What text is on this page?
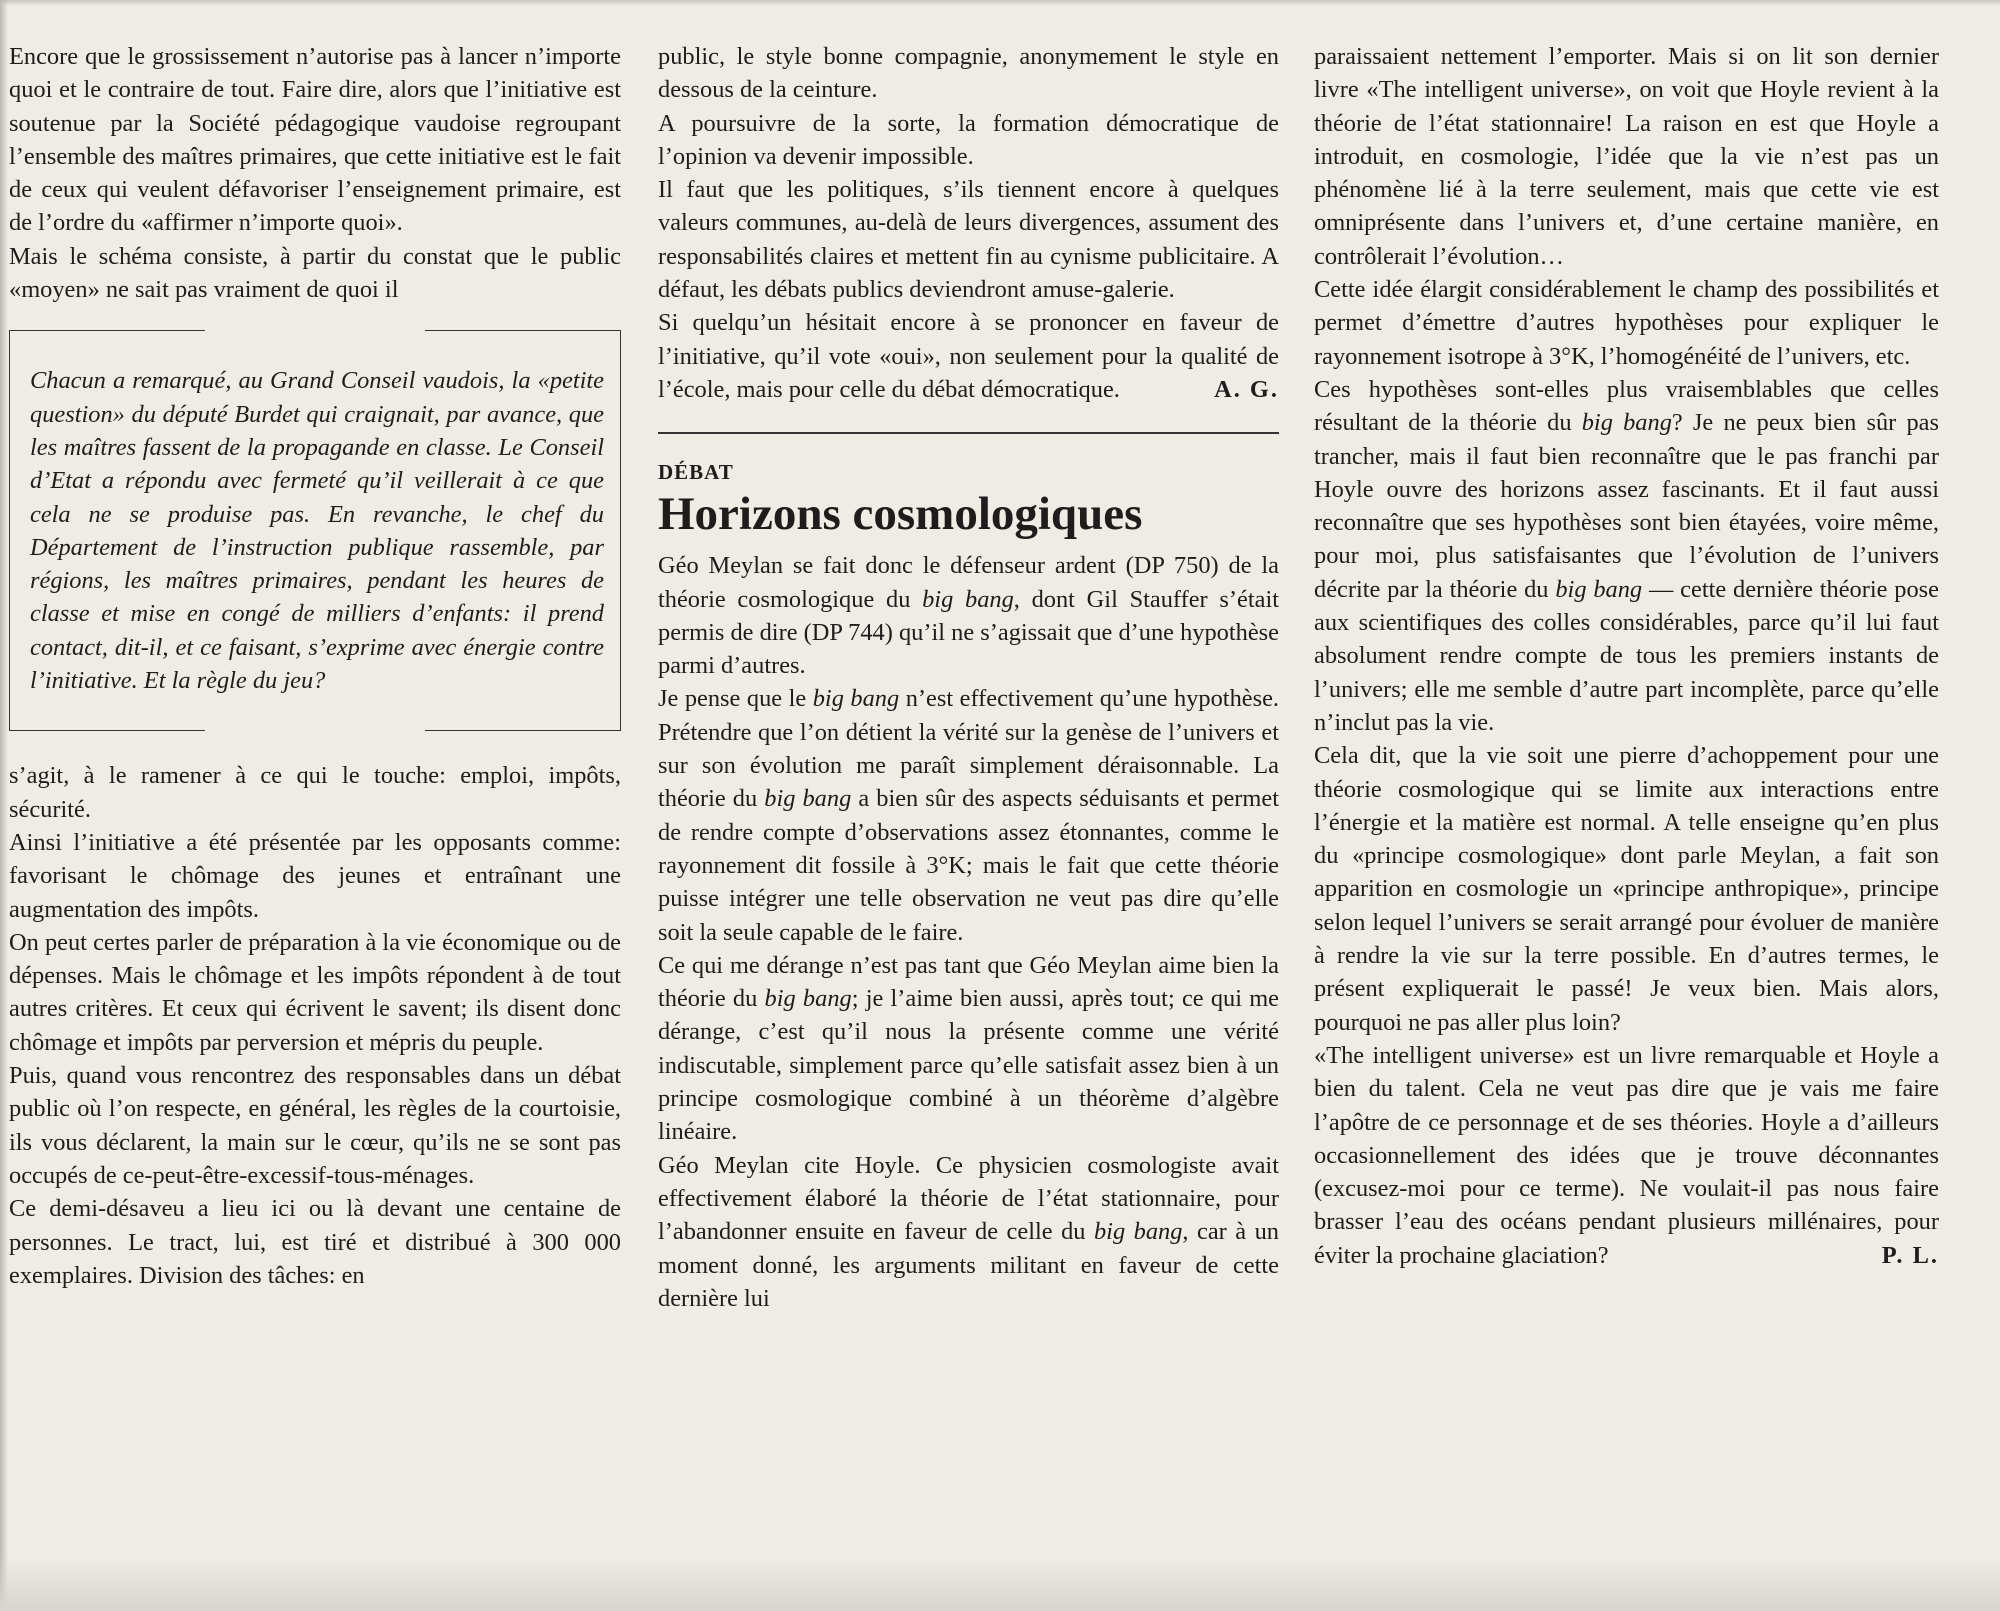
Encore que le grossissement n’autorise pas à lancer n’importe quoi et le contraire de tout. Faire dire, alors que l’initiative est soutenue par la Société pédagogique vaudoise regroupant l’ensemble des maîtres primaires, que cette initiative est le fait de ceux qui veulent défavoriser l’enseignement primaire, est de l’ordre du «affirmer n’importe quoi».

Mais le schéma consiste, à partir du constat que le public «moyen» ne sait pas vraiment de quoi il

Chacun a remarqué, au Grand Conseil vaudois, la «petite question» du député Burdet qui craignait, par avance, que les maîtres fassent de la propagande en classe. Le Conseil d’Etat a répondu avec fermeté qu’il veillerait à ce que cela ne se produise pas. En revanche, le chef du Département de l’instruction publique rassemble, par régions, les maîtres primaires, pendant les heures de classe et mise en congé de milliers d’enfants: il prend contact, dit-il, et ce faisant, s’exprime avec énergie contre l’initiative. Et la règle du jeu?

s’agit, à le ramener à ce qui le touche: emploi, impôts, sécurité.

Ainsi l’initiative a été présentée par les opposants comme: favorisant le chômage des jeunes et entraînant une augmentation des impôts.

On peut certes parler de préparation à la vie économique ou de dépenses. Mais le chômage et les impôts répondent à de tout autres critères. Et ceux qui écrivent le savent; ils disent donc chômage et impôts par perversion et mépris du peuple.

Puis, quand vous rencontrez des responsables dans un débat public où l’on respecte, en général, les règles de la courtoisie, ils vous déclarent, la main sur le cœur, qu’ils ne se sont pas occupés de ce-peut-être-excessif-tous-ménages.

Ce demi-désaveu a lieu ici ou là devant une centaine de personnes. Le tract, lui, est tiré et distribué à 300 000 exemplaires. Division des tâches: en

public, le style bonne compagnie, anonymement le style en dessous de la ceinture.

A poursuivre de la sorte, la formation démocratique de l’opinion va devenir impossible.

Il faut que les politiques, s’ils tiennent encore à quelques valeurs communes, au-delà de leurs divergences, assument des responsabilités claires et mettent fin au cynisme publicitaire. A défaut, les débats publics deviendront amuse-galerie.

Si quelqu’un hésitait encore à se prononcer en faveur de l’initiative, qu’il vote «oui», non seulement pour la qualité de l’école, mais pour celle du débat démocratique.	A. G.

DÉBAT
Horizons cosmologiques

Géo Meylan se fait donc le défenseur ardent (DP 750) de la théorie cosmologique du big bang, dont Gil Stauffer s’était permis de dire (DP 744) qu’il ne s’agissait que d’une hypothèse parmi d’autres.

Je pense que le big bang n’est effectivement qu’une hypothèse. Prétendre que l’on détient la vérité sur la genèse de l’univers et sur son évolution me paraît simplement déraisonnable. La théorie du big bang a bien sûr des aspects séduisants et permet de rendre compte d’observations assez étonnantes, comme le rayonnement dit fossile à 3°K; mais le fait que cette théorie puisse intégrer une telle observation ne veut pas dire qu’elle soit la seule capable de le faire.

Ce qui me dérange n’est pas tant que Géo Meylan aime bien la théorie du big bang; je l’aime bien aussi, après tout; ce qui me dérange, c’est qu’il nous la présente comme une vérité indiscutable, simplement parce qu’elle satisfait assez bien à un principe cosmologique combiné à un théorème d’algèbre linéaire.

Géo Meylan cite Hoyle. Ce physicien cosmologiste avait effectivement élaboré la théorie de l’état stationnaire, pour l’abandonner ensuite en faveur de celle du big bang, car à un moment donné, les arguments militant en faveur de cette dernière lui

paraissaient nettement l’emporter. Mais si on lit son dernier livre «The intelligent universe», on voit que Hoyle revient à la théorie de l’état stationnaire! La raison en est que Hoyle a introduit, en cosmologie, l’idée que la vie n’est pas un phénomène lié à la terre seulement, mais que cette vie est omniprésente dans l’univers et, d’une certaine manière, en contrôlerait l’évolution…

Cette idée élargit considérablement le champ des possibilités et permet d’émettre d’autres hypothèses pour expliquer le rayonnement isotrope à 3°K, l’homogénéité de l’univers, etc.

Ces hypothèses sont-elles plus vraisemblables que celles résultant de la théorie du big bang? Je ne peux bien sûr pas trancher, mais il faut bien reconnaître que le pas franchi par Hoyle ouvre des horizons assez fascinants. Et il faut aussi reconnaître que ses hypothèses sont bien étayées, voire même, pour moi, plus satisfaisantes que l’évolution de l’univers décrite par la théorie du big bang — cette dernière théorie pose aux scientifiques des colles considérables, parce qu’il lui faut absolument rendre compte de tous les premiers instants de l’univers; elle me semble d’autre part incomplète, parce qu’elle n’inclut pas la vie.

Cela dit, que la vie soit une pierre d’achoppement pour une théorie cosmologique qui se limite aux interactions entre l’énergie et la matière est normal. A telle enseigne qu’en plus du «principe cosmologique» dont parle Meylan, a fait son apparition en cosmologie un «principe anthropique», principe selon lequel l’univers se serait arrangé pour évoluer de manière à rendre la vie sur la terre possible. En d’autres termes, le présent expliquerait le passé! Je veux bien. Mais alors, pourquoi ne pas aller plus loin?

«The intelligent universe» est un livre remarquable et Hoyle a bien du talent. Cela ne veut pas dire que je vais me faire l’apôtre de ce personnage et de ses théories. Hoyle a d’ailleurs occasionnellement des idées que je trouve déconnantes (excusez-moi pour ce terme). Ne voulait-il pas nous faire brasser l’eau des océans pendant plusieurs millénaires, pour éviter la prochaine glaciation?	P. L.
